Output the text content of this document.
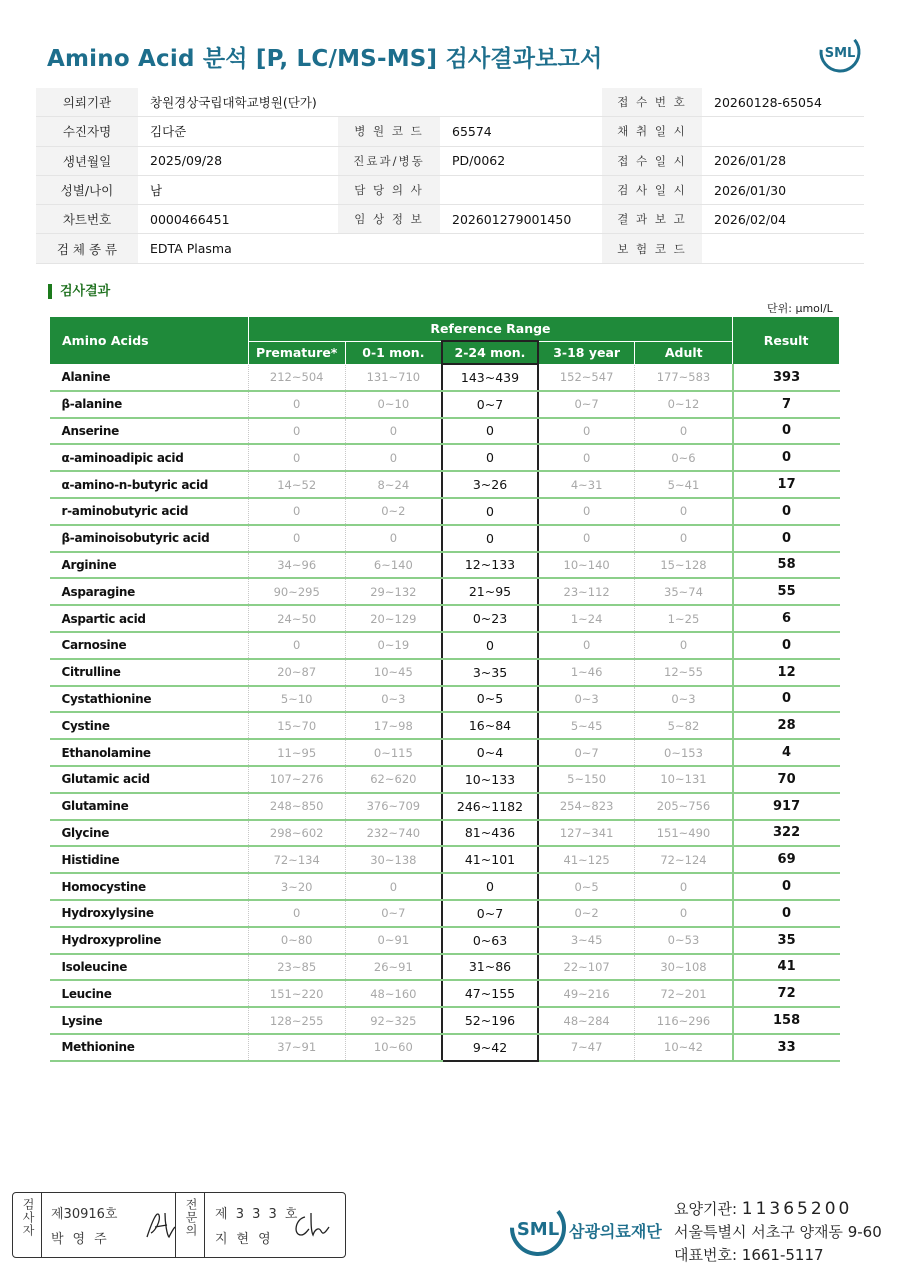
Amino Acid 분석 [P, LC/MS-MS] 검사결과보고서	SML
의뢰기관	창원경상국립대학교병원(단가)			접 수 번 호	20260128-65054
수진자명	김다준	병 원 코 드	65574	채 취 일 시	
생년월일	2025/09/28	진료과/병동	PD/0062	접 수 일 시	2026/01/28
성별/나이	남	담 당 의 사		검 사 일 시	2026/01/30
차트번호	0000466451	임 상 정 보	202601279001450	결 과 보 고	2026/02/04
검 체 종 류	EDTA Plasma			보 험 코 드	
검사결과
단위: μmol/L
Amino Acids	Reference Range					Result
	Premature*	0-1 mon.	2-24 mon.	3-18 year	Adult	
Alanine	212~504	131~710	143~439	152~547	177~583	393
β-alanine	0	0~10	0~7	0~7	0~12	7
Anserine	0	0	0	0	0	0
α-aminoadipic acid	0	0	0	0	0~6	0
α-amino-n-butyric acid	14~52	8~24	3~26	4~31	5~41	17
r-aminobutyric acid	0	0~2	0	0	0	0
β-aminoisobutyric acid	0	0	0	0	0	0
Arginine	34~96	6~140	12~133	10~140	15~128	58
Asparagine	90~295	29~132	21~95	23~112	35~74	55
Aspartic acid	24~50	20~129	0~23	1~24	1~25	6
Carnosine	0	0~19	0	0	0	0
Citrulline	20~87	10~45	3~35	1~46	12~55	12
Cystathionine	5~10	0~3	0~5	0~3	0~3	0
Cystine	15~70	17~98	16~84	5~45	5~82	28
Ethanolamine	11~95	0~115	0~4	0~7	0~153	4
Glutamic acid	107~276	62~620	10~133	5~150	10~131	70
Glutamine	248~850	376~709	246~1182	254~823	205~756	917
Glycine	298~602	232~740	81~436	127~341	151~490	322
Histidine	72~134	30~138	41~101	41~125	72~124	69
Homocystine	3~20	0	0	0~5	0	0
Hydroxylysine	0	0~7	0~7	0~2	0	0
Hydroxyproline	0~80	0~91	0~63	3~45	0~53	35
Isoleucine	23~85	26~91	31~86	22~107	30~108	41
Leucine	151~220	48~160	47~155	49~216	72~201	72
Lysine	128~255	92~325	52~196	48~284	116~296	158
Methionine	37~91	10~60	9~42	7~47	10~42	33
검사자 제30916호
박영주
전문의 제 3 3 3 호
지현영	SML 삼광의료재단
요양기관: 11365200
서울특별시 서초구 양재동 9-60
대표번호: 1661-5117
